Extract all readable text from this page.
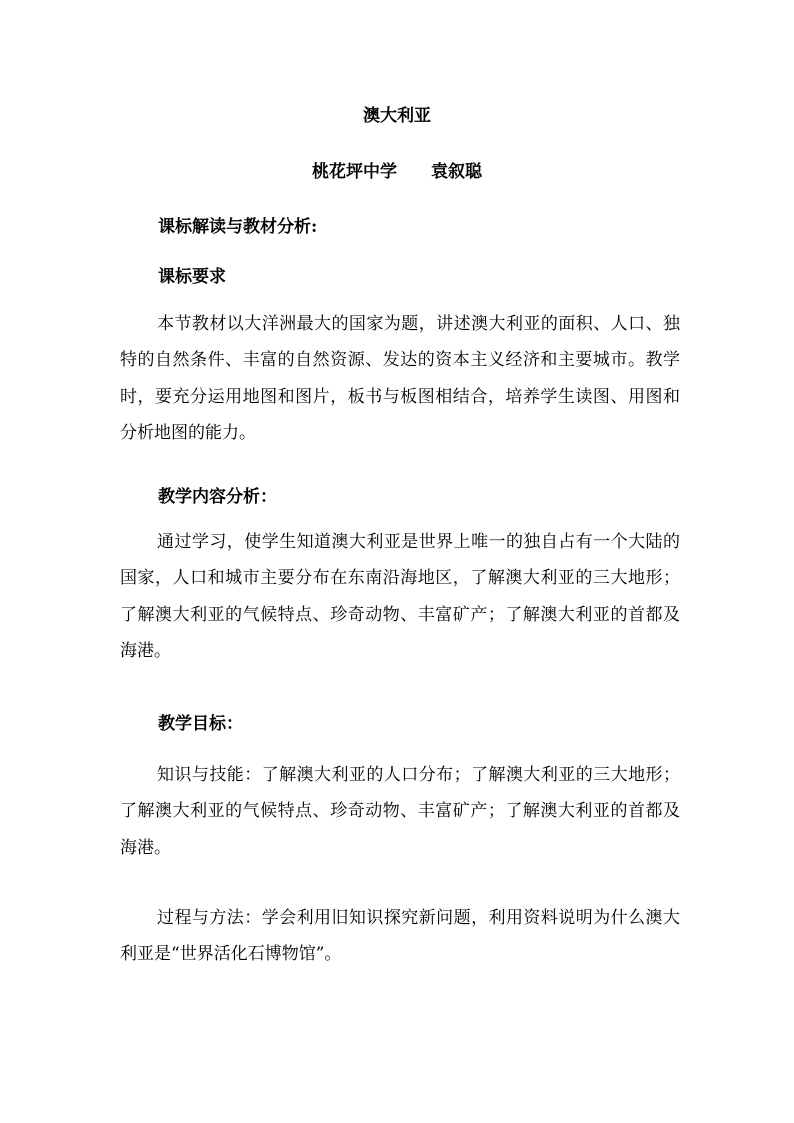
澳大利亚
桃花坪中学　　袁叙聪
课标解读与教材分析:
课标要求

本节教材以大洋洲最大的国家为题，讲述澳大利亚的面积、人口、独特的自然条件、丰富的自然资源、发达的资本主义经济和主要城市。教学时，要充分运用地图和图片，板书与板图相结合，培养学生读图、用图和分析地图的能力。

教学内容分析：

通过学习，使学生知道澳大利亚是世界上唯一的独自占有一个大陆的国家，人口和城市主要分布在东南沿海地区，了解澳大利亚的三大地形；了解澳大利亚的气候特点、珍奇动物、丰富矿产；了解澳大利亚的首都及海港。

教学目标：

知识与技能：了解澳大利亚的人口分布；了解澳大利亚的三大地形；了解澳大利亚的气候特点、珍奇动物、丰富矿产；了解澳大利亚的首都及海港。

过程与方法：学会利用旧知识探究新问题，利用资料说明为什么澳大利亚是“世界活化石博物馆”。
